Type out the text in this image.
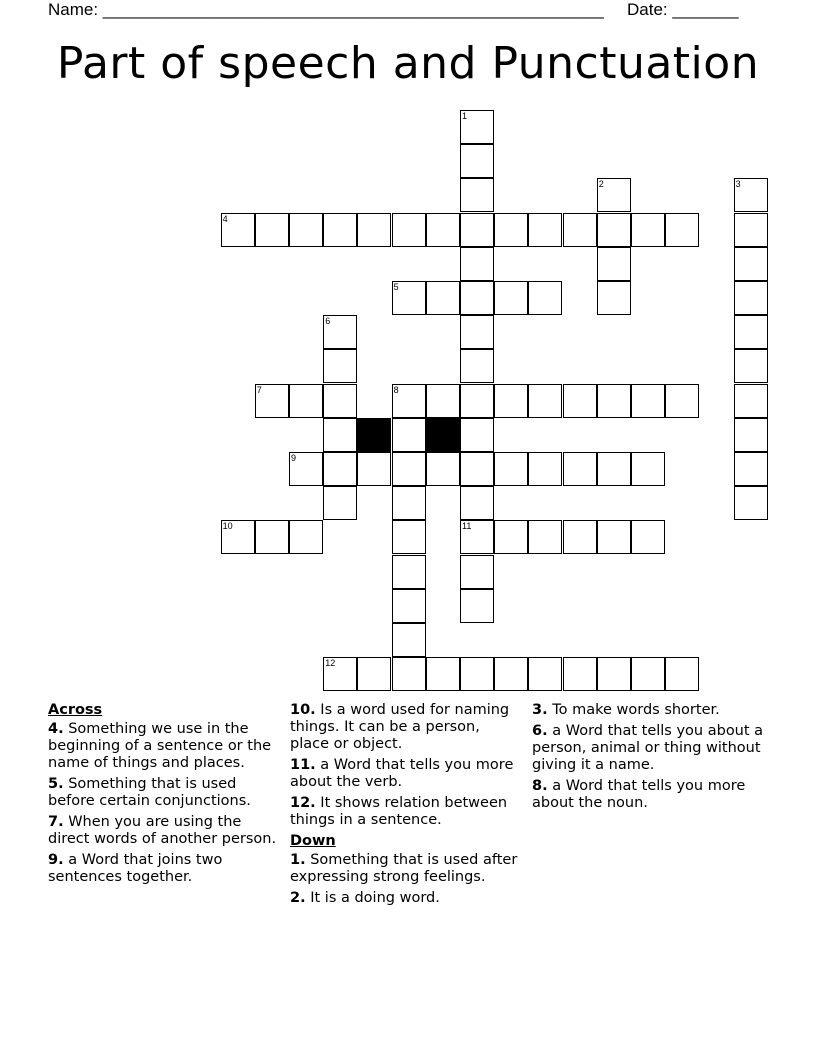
Name: _____________________________________________________ Date: _______
Part of speech and Punctuation
1
2	3
4
5
6
7	8
9
10	11
12
Across
4. Something we use in the beginning of a sentence or the name of things and places.
5. Something that is used before certain conjunctions.
7. When you are using the direct words of another person.
9. a Word that joins two sentences together.
10. Is a word used for naming things. It can be a person, place or object.
11. a Word that tells you more about the verb.
12. It shows relation between things in a sentence.
Down
1. Something that is used after expressing strong feelings.
2. It is a doing word.
3. To make words shorter.
6. a Word that tells you about a person, animal or thing without giving it a name.
8. a Word that tells you more about the noun.
